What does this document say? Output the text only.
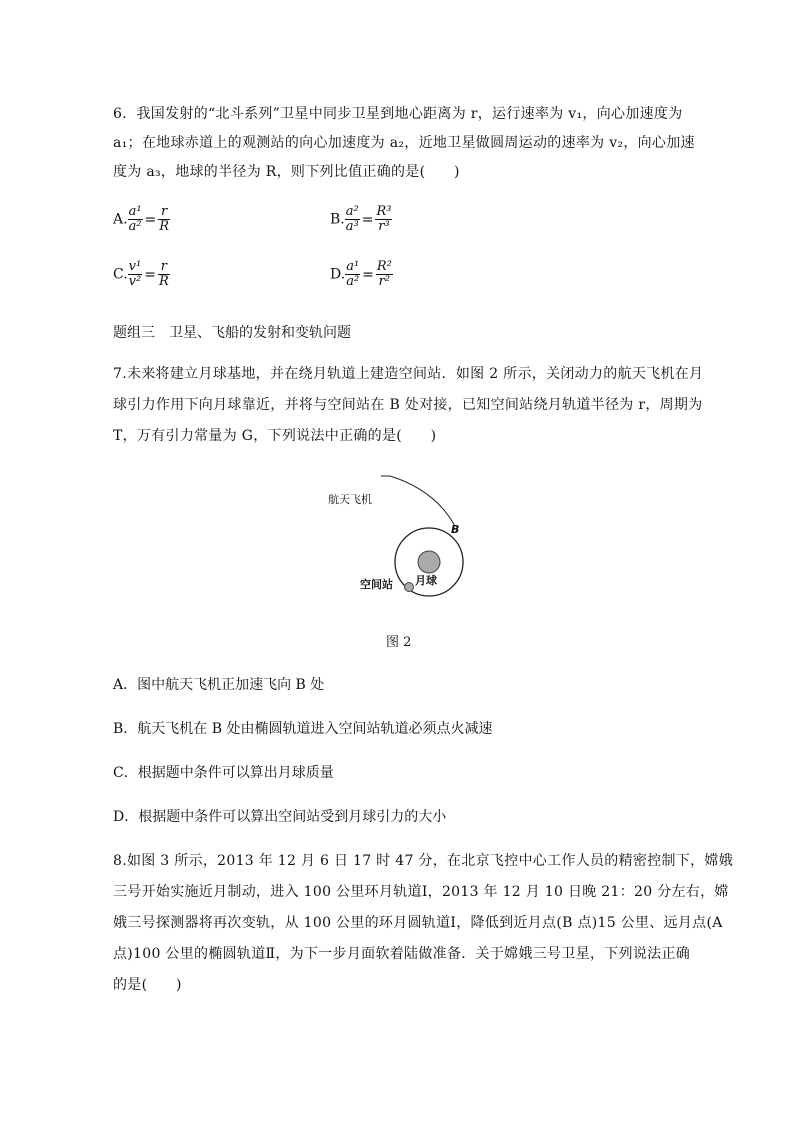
6．我国发射的“北斗系列”卫星中同步卫星到地心距离为 r，运行速率为 v₁，向心加速度为
a₁；在地球赤道上的观测站的向心加速度为 a₂，近地卫星做圆周运动的速率为 v₂，向心加速
度为 a₃，地球的半径为 R，则下列比值正确的是(　　)
A. $\frac{\text{a¹}}{\text{a²}} = \frac{r}{R}$	B. $\frac{\text{a²}}{\text{a³}} = \frac{\text{R³}}{\text{r³}}$
C. $\frac{\text{v¹}}{\text{v²}} = \frac{r}{R}$	D. $\frac{\text{a¹}}{\text{a²}} = \frac{\text{R²}}{\text{r²}}$
题组三　卫星、飞船的发射和变轨问题
7.未来将建立月球基地，并在绕月轨道上建造空间站．如图 2 所示，关闭动力的航天飞机在月
球引力作用下向月球靠近，并将与空间站在 B 处对接，已知空间站绕月轨道半径为 r，周期为
T，万有引力常量为 G，下列说法中正确的是(　　)
航天飞机
B
月球
空间站
图 2
A．图中航天飞机正加速飞向 B 处
B．航天飞机在 B 处由椭圆轨道进入空间站轨道必须点火减速
C．根据题中条件可以算出月球质量
D．根据题中条件可以算出空间站受到月球引力的大小
8.如图 3 所示，2013 年 12 月 6 日 17 时 47 分，在北京飞控中心工作人员的精密控制下，嫦娥
三号开始实施近月制动，进入 100 公里环月轨道Ⅰ，2013 年 12 月 10 日晚 21：20 分左右，嫦
娥三号探测器将再次变轨，从 100 公里的环月圆轨道Ⅰ，降低到近月点(B 点)15 公里、远月点(A
点)100 公里的椭圆轨道Ⅱ，为下一步月面软着陆做准备．关于嫦娥三号卫星，下列说法正确
的是(　　)
